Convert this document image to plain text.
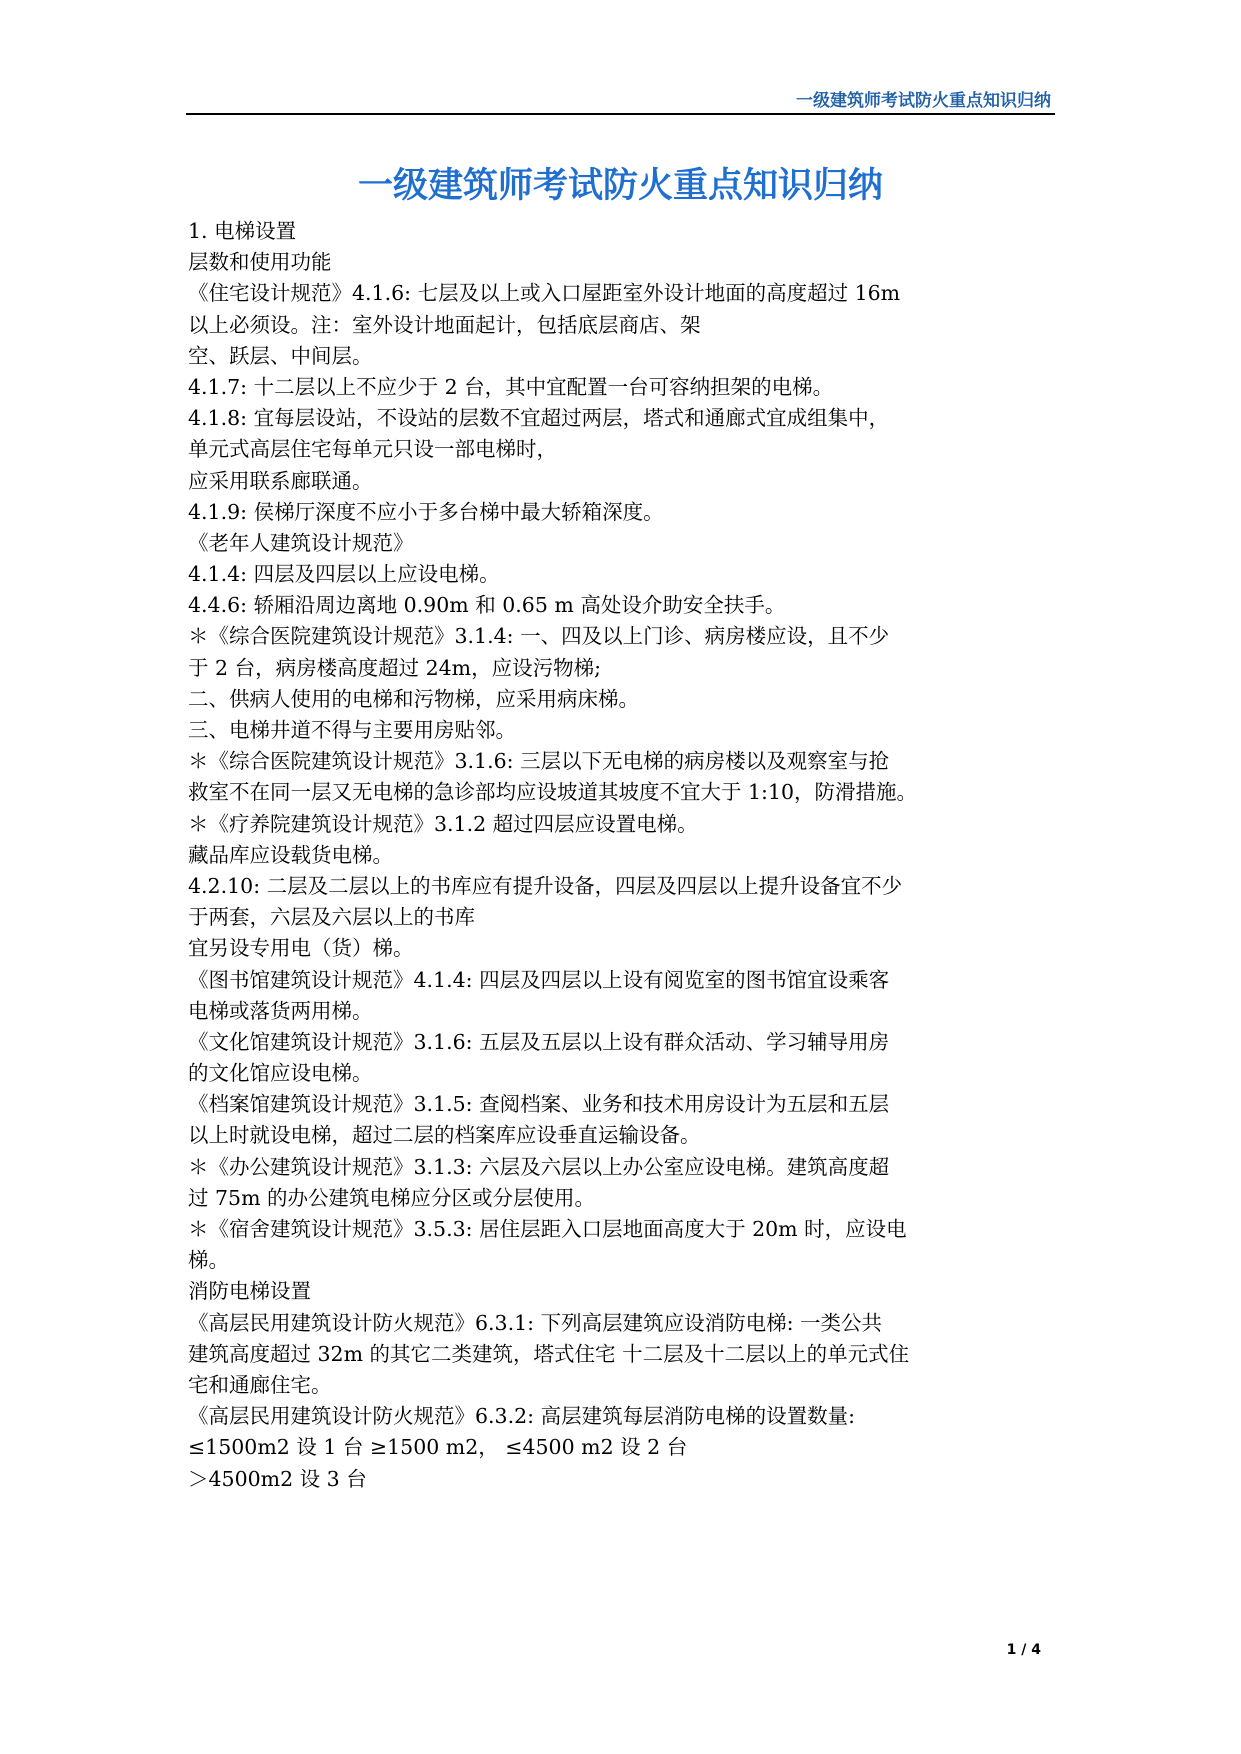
一级建筑师考试防火重点知识归纳
一级建筑师考试防火重点知识归纳
1. 电梯设置
层数和使用功能
《住宅设计规范》4.1.6: 七层及以上或入口屋距室外设计地面的高度超过 16m
以上必须设。注：室外设计地面起计，包括底层商店、架
空、跃层、中间层。
4.1.7: 十二层以上不应少于 2 台，其中宜配置一台可容纳担架的电梯。
4.1.8: 宜每层设站，不设站的层数不宜超过两层，塔式和通廊式宜成组集中，
单元式高层住宅每单元只设一部电梯时，
应采用联系廊联通。
4.1.9: 侯梯厅深度不应小于多台梯中最大轿箱深度。
《老年人建筑设计规范》
4.1.4: 四层及四层以上应设电梯。
4.4.6: 轿厢沿周边离地 0.90m 和 0.65 m 高处设介助安全扶手。
＊《综合医院建筑设计规范》3.1.4: 一、四及以上门诊、病房楼应设，且不少
于 2 台，病房楼高度超过 24m，应设污物梯;
二、供病人使用的电梯和污物梯，应采用病床梯。
三、电梯井道不得与主要用房贴邻。
＊《综合医院建筑设计规范》3.1.6: 三层以下无电梯的病房楼以及观察室与抢
救室不在同一层又无电梯的急诊部均应设坡道其坡度不宜大于 1:10，防滑措施。
＊《疗养院建筑设计规范》3.1.2 超过四层应设置电梯。
藏品库应设载货电梯。
4.2.10: 二层及二层以上的书库应有提升设备，四层及四层以上提升设备宜不少
于两套，六层及六层以上的书库
宜另设专用电（货）梯。
《图书馆建筑设计规范》4.1.4: 四层及四层以上设有阅览室的图书馆宜设乘客
电梯或落货两用梯。
《文化馆建筑设计规范》3.1.6: 五层及五层以上设有群众活动、学习辅导用房
的文化馆应设电梯。
《档案馆建筑设计规范》3.1.5: 查阅档案、业务和技术用房设计为五层和五层
以上时就设电梯，超过二层的档案库应设垂直运输设备。
＊《办公建筑设计规范》3.1.3: 六层及六层以上办公室应设电梯。建筑高度超
过 75m 的办公建筑电梯应分区或分层使用。
＊《宿舍建筑设计规范》3.5.3: 居住层距入口层地面高度大于 20m 时，应设电
梯。
消防电梯设置
《高层民用建筑设计防火规范》6.3.1: 下列高层建筑应设消防电梯: 一类公共
建筑高度超过 32m 的其它二类建筑，塔式住宅 十二层及十二层以上的单元式住
宅和通廊住宅。
《高层民用建筑设计防火规范》6.3.2: 高层建筑每层消防电梯的设置数量:
≤1500m2 设 1 台 ≥1500 m2， ≤4500 m2 设 2 台
＞4500m2 设 3 台
1 / 4
